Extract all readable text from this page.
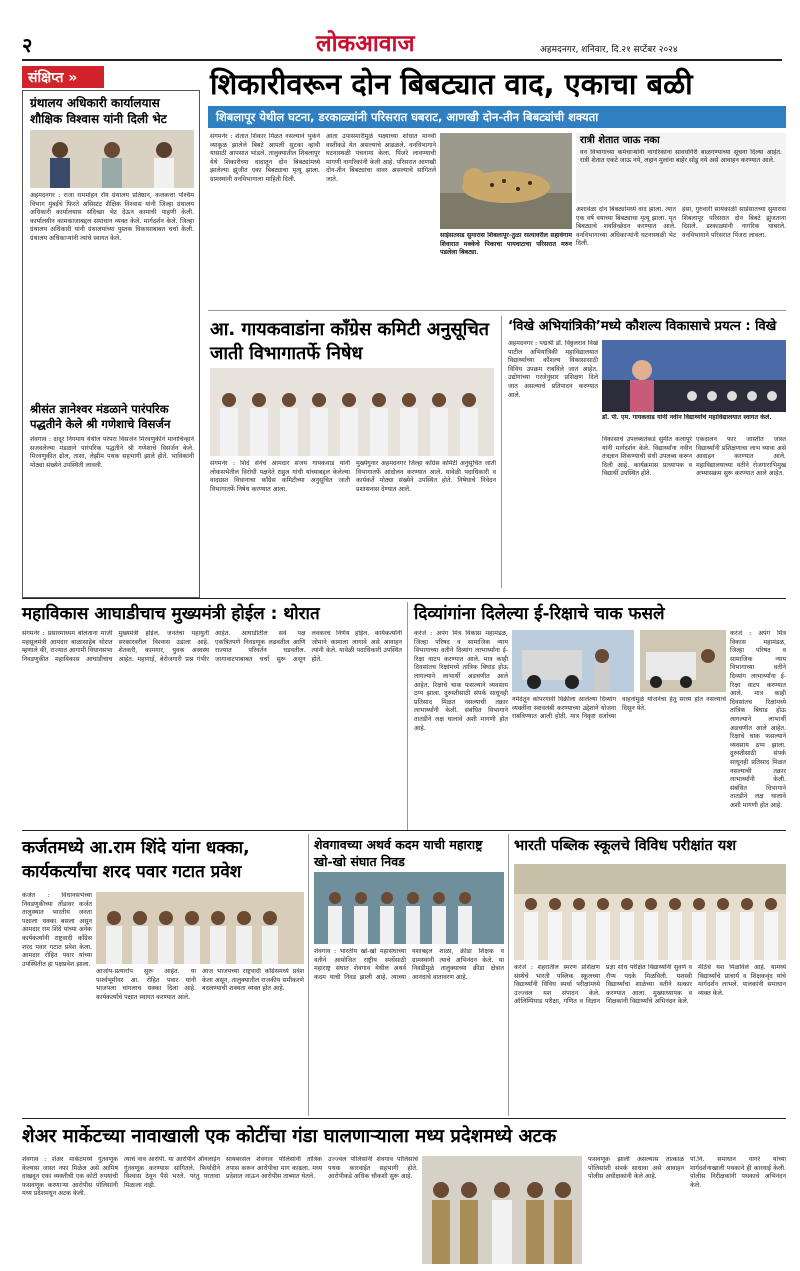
२	लोकआवाज	अहमदनगर, शनिवार, दि.२१ सप्टेंबर २०२४
संक्षिप्त »
ग्रंथालय अधिकारी कार्यालयास शौक्षिक विश्वास यांनी दिली भेट
अहमदनगर : राजा राममोहन रॉय ग्रंथालय प्रतिष्ठान, कलकत्ता पश्चिम विभाग मुंबईचे फिरते असिस्टंट शैक्षिक विश्वास यांनी जिल्हा ग्रंथालय अधिकारी कार्यालयास सदिच्छा भेट देऊन कामाची पाहणी केली. कार्यालयीन कामकाजाबद्दल समाधान व्यक्त केले. मार्गदर्शन केले. जिल्हा ग्रंथालय अधिकारी यांनी ग्रंथालयांच्या पुस्तक विकासाबाबत चर्चा केली. ग्रंथालय अधिकाऱ्यांनी त्यांचे स्वागत केले.
श्रीसंत ज्ञानेश्वर मंडळाने पारंपरिक पद्धतीने केले श्री गणेशाचे विसर्जन
शेवगाव : दादूर निगमाय येथील परंपरा विसर्जन मिरवणुकीने मानाचिन्हाने सजवलेल्या मंडळाने पारंपरिक पद्धतीने श्री गणेशाचे विसर्जन केले. मिरवणुकीत ढोल, ताशा, लेझीम पथक सहभागी झाले होते. भाविकांनी मोठ्या संख्येने उपस्थिती लावली.
शिकारीवरून दोन बिबट्यात वाद, एकाचा बळी
शिबलापूर येथील घटना, डरकाळ्यांनी परिसरात घबराट, आणखी दोन-तीन बिबट्यांची शक्यता
संगमनेर : शेतात शिकार मिळत नसल्याने भुकेने व्याकूळ झालेले बिबटे आपली सुटका व्हावी यासाठी आपसात भांडले. तालुक्यातील शिबलापूर येथे शिकारीच्या वादातून दोन बिबट्यांमध्ये झालेल्या झुंजीत एका बिबट्याचा मृत्यू झाला. ग्रामस्थांनी वनविभागाला माहिती दिली.
आता उपासमारीमुळे भक्ष्याच्या शोधात मानवी वस्तीकडे येत असल्याचे आढळले. वनविभागाने घटनास्थळी पंचनामा केला. पिंजरे लावण्याची मागणी नागरिकांनी केली आहे. परिसरात आणखी दोन-तीन बिबट्यांचा वावर असल्याचे सांगितले जाते.
साईसतसड सुमारास शिबलापूर-तुळा रस्त्यावरील सहावेगाम शिवारात मक्केचे पिकाचा पायवाटाचा परिसरात मरुन पडलेला बिबट्या.
रात्री शेतात जाऊ नका
वन विभागाच्या कर्मचाऱ्यांनी नागरिकांना सावधगिरी बाळगण्याच्या सूचना दिल्या आहेत. रात्री शेतात एकटे जाऊ नये, लहान मुलांना बाहेर सोडू नये असे आवाहन करण्यात आले.
अशावेळा दोन बिबट्यांमध्ये वाद झाला. त्यात एक वर्षे वयाच्या बिबट्याचा मृत्यू झाला. मृत बिबट्याचे शवविच्छेदन करण्यात आले. वनविभागाच्या अधिकाऱ्यांनी घटनास्थळी भेट दिली.
हंसा, गुरुवारी सायंकाळी साडेसातच्या सुमारास शिबलापूर परिसरात दोन बिबटे झुंजताना दिसले. डरकाळ्यांनी नागरिक घाबरले. वनविभागाने परिसरात पिंजरा लावला.
आ. गायकवाडांना काँग्रेस कमिटी अनुसूचित जाती विभागातर्फे निषेध
संगमनेर : शिंदे सेनेचे आमदार संजय गायकवाड यांनी लोकसभेतील विरोधी पक्षनेते राहुल गांधी यांच्याबद्दल केलेल्या वादग्रस्त विधानाचा काँग्रेस कमिटीच्या अनुसूचित जाती विभागातर्फे निषेध करण्यात आला.
मुख्येगुनार अहमदनगर जिल्हा काँग्रेस कमिटी अनुसूचित जाती विभागातर्फे आंदोलन करण्यात आले. यावेळी पदाधिकारी व कार्यकर्ते मोठ्या संख्येने उपस्थित होते. निषेधाचे निवेदन प्रशासनास देण्यात आले.
‘विखे अभियांत्रिकी’मध्ये कौशल्य विकासाचे प्रयत्न : विखे
अहमदनगर : पद्मश्री डॉ. विठ्ठलराव विखे पाटील अभियांत्रिकी महाविद्यालयात विद्यार्थ्यांच्या कौशल्य विकासासाठी विविध उपक्रम राबविले जात आहेत. उद्योगांच्या गरजेनुसार प्रशिक्षण दिले जात असल्याचे प्रतिपादन करण्यात आले.
डॉ. पी. एम. गायकवाड यांनी नवीन विद्यार्थ्यांचे महाविद्यालयात स्वागत केले.
विकासाचे उपलब्धतेकडे सुमीत कलापूरे यांनी मार्गदर्शन केले. विद्यार्थ्यांना नवीन तंत्रज्ञान शिकण्याची संधी उपलब्ध करून दिली आहे. कार्यक्रमास प्राध्यापक व विद्यार्थी उपस्थित होते.
एकदालन फार जास्तीत जास्त विद्यार्थ्यांनी प्रशिक्षणाचा लाभ घ्यावा असे आवाहन करण्यात आले. महाविद्यालयाच्या वतीने रोजगाराभिमुख अभ्यासक्रम सुरू करण्यात आले आहेत.
महाविकास आघाडीचाच मुख्यमंत्री होईल : थोरात
संगमनेर : प्रसारमाध्यम बोलताना माजी महसूलमंत्री आमदार बाळासाहेब थोरात म्हणाले की, राज्यात आगामी विधानसभा निवडणुकीत महाविकास आघाडीचाच मुख्यमंत्री होईल. जनतेचा महायुती सरकारवरील विश्वास उडाला आहे. शेतकरी, कामगार, युवक अस्वस्थ आहेत. महागाई, बेरोजगारी प्रश्न गंभीर आहेत. आघाडीतील सर्व पक्ष एकत्रितपणे निवडणूक लढवतील आणि राज्यात परिवर्तन घडवतील. जागावाटपाबाबत चर्चा सुरू असून लवकरच निर्णय होईल. कार्यकर्त्यांनी जोमाने कामाला लागावे असे आवाहन त्यांनी केले. यावेळी पदाधिकारी उपस्थित होते.
दिव्यांगांना दिलेल्या ई-रिक्षाचे चाक फसले
करंजे : अपंग मित्र विकास महामंडळ, जिल्हा परिषद व सामाजिक न्याय विभागाच्या वतीने दिव्यांग लाभार्थ्यांना ई-रिक्षा वाटप करण्यात आले. मात्र काही दिवसांतच रिक्षांमध्ये तांत्रिक बिघाड होऊ लागल्याने लाभार्थी अडचणीत आले आहेत. रिक्षाचे चाक फसल्याने व्यवसाय ठप्प झाला. दुरुस्तीसाठी संपर्क साधूनही प्रतिसाद मिळत नसल्याची तक्रार लाभार्थ्यांनी केली. संबंधित विभागाने तातडीने लक्ष घालावे अशी मागणी होत आहे.
नर्मदेतून कोपरगावी विक्रीला आलेल्या दिव्यांग व्यक्तींना स्वावलंबी करण्याच्या उद्देशाने योजना राबविण्यात आली होती. मात्र निकृष्ट दर्जाच्या वाहनांमुळे योजनेचा हेतू साध्य होत नसल्याचे दिसून येते.
करंजे : अपंग मित्र विकास महामंडळ, जिल्हा परिषद व सामाजिक न्याय विभागाच्या वतीने दिव्यांग लाभार्थ्यांना ई-रिक्षा वाटप करण्यात आले. मात्र काही दिवसांतच रिक्षांमध्ये तांत्रिक बिघाड होऊ लागल्याने लाभार्थी अडचणीत आले आहेत. रिक्षाचे चाक फसल्याने व्यवसाय ठप्प झाला. दुरुस्तीसाठी संपर्क साधूनही प्रतिसाद मिळत नसल्याची तक्रार लाभार्थ्यांनी केली. संबंधित विभागाने तातडीने लक्ष घालावे अशी मागणी होत आहे.
कर्जतमध्ये आ.राम शिंदे यांना धक्का, कार्यकर्त्यांचा शरद पवार गटात प्रवेश
कर्जत : विधानसभेच्या निवडणुकीच्या तोंडावर कर्जत तालुक्यात भारतीय जनता पक्षाला धक्का बसला असून आमदार राम शिंदे यांच्या अनेक कार्यकर्त्यांनी राष्ट्रवादी काँग्रेस शरद पवार गटात प्रवेश केला. आमदार रोहित पवार यांच्या उपस्थितीत हा पक्षप्रवेश झाला.
आजोप-प्रत्यारोप सुरू आहेत. या पार्श्वभूमीवर आ. रोहित पवार यांनी भाजपला चांगलाच धक्का दिला आहे. कार्यकर्त्यांचे पक्षात स्वागत करण्यात आले.
आज भाजपच्या राष्ट्रवादी काँग्रेसमध्ये प्रवेश केला असून, तालुक्यातील राजकीय समीकरणे बदलण्याची शक्यता व्यक्त होत आहे.
शेवगावच्या अथर्व कदम याची महाराष्ट्र खो-खो संघात निवड
शेवगाव : भारतीय खो-खो महासंघाच्या वतीने आयोजित राष्ट्रीय स्पर्धेसाठी महाराष्ट्र संघात शेवगाव येथील अथर्व कदम याची निवड झाली आहे. त्याच्या यशाबद्दल शाळा, क्रीडा शिक्षक व ग्रामस्थांनी त्याचे अभिनंदन केले. या निवडीमुळे तालुक्याच्या क्रीडा क्षेत्रात आनंदाचे वातावरण आहे.
भारती पब्लिक स्कूलचे विविध परीक्षांत यश
करंजे : शहरातील स्मरण प्रशिक्षण संस्थेचे भारती पब्लिक स्कूलच्या विद्यार्थ्यांनी विविध स्पर्धा परीक्षांमध्ये उज्ज्वल यश संपादन केले. ऑलिम्पियाड परीक्षा, गणित व विज्ञान प्रज्ञा शोध परीक्षेत विद्यार्थ्यांनी सुवर्ण व रौप्य पदके मिळविली. यशस्वी विद्यार्थ्यांचा शाळेच्या वतीने सत्कार करण्यात आला. मुख्याध्यापक व शिक्षकांनी विद्यार्थ्यांचे अभिनंदन केले.
मीठेंचे यश मिळविले आहे. यामध्ये विद्यार्थ्यांचे प्राचार्य व शिक्षकवृंद यांचे मार्गदर्शन लाभले. पालकांनी समाधान व्यक्त केले.
शेअर मार्केटच्या नावाखाली एक कोटींचा गंडा घालणाऱ्याला मध्य प्रदेशमध्ये अटक
शेवगाव : शेअर मार्केटमध्ये गुंतवणूक केल्यास जास्त नफा मिळेल असे आमिष दाखवून एका व्यक्तीची एक कोटी रुपयांची फसवणूक करणाऱ्या आरोपीस पोलिसांनी मध्य प्रदेशमधून अटक केली.
त्याचे नाव आरोपी. या आरोपीने ऑनलाईन गुंतवणूक करण्यास सांगितले. फिर्यादीने विश्वास ठेवून पैसे भरले. परंतु परतावा मिळाला नाही.
सायबरसेल शेवगाव पोलिसांनी तांत्रिक तपास करून आरोपीचा माग काढला. मध्य प्रदेशात जाऊन आरोपीस ताब्यात घेतले.
उज्ज्वल पोलिसांनी शेवगाव पोलिसांचे पथक कारवाईत सहभागी होते. आरोपीकडे अधिक चौकशी सुरू आहे.
फसवणूक झाली असल्यास तात्काळ पोलिसांशी संपर्क साधावा असे आवाहन पोलीस अधीक्षकांनी केले आहे.
पो.नि. समाधान नागरे यांच्या मार्गदर्शनाखाली पथकाने ही कारवाई केली. पोलीस निरीक्षकांनी पथकाचे अभिनंदन केले.
